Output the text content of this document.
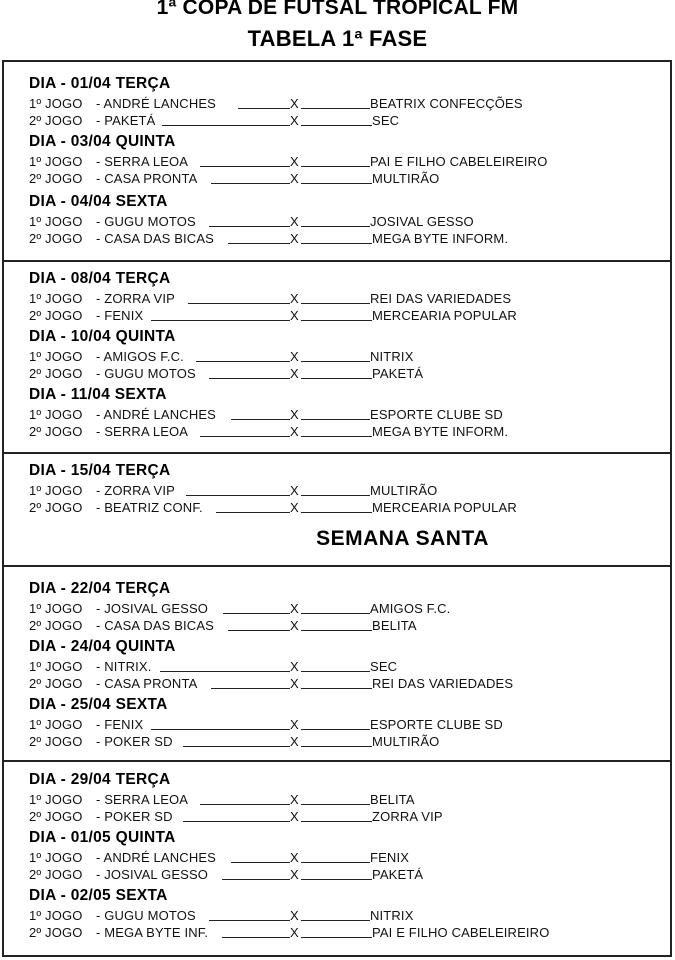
1ª COPA DE FUTSAL TROPICAL FM
TABELA 1ª FASE
SEMANA SANTA
DIA - 01/04 TERÇA
1º JOGO - ANDRÉ LANCHES	X	BEATRIX CONFECÇÕES
2º JOGO - PAKETÁ	X	SEC
DIA - 03/04 QUINTA
1º JOGO - SERRA LEOA	X	PAI E FILHO CABELEIREIRO
2º JOGO - CASA PRONTA	X	MULTIRÃO
DIA - 04/04 SEXTA
1º JOGO - GUGU MOTOS	X	JOSIVAL GESSO
2º JOGO - CASA DAS BICAS	X	MEGA BYTE INFORM.
DIA - 08/04 TERÇA
1º JOGO - ZORRA VIP	X	REI DAS VARIEDADES
2º JOGO - FENIX	X	MERCEARIA POPULAR
DIA - 10/04 QUINTA
1º JOGO - AMIGOS F.C.	X	NITRIX
2º JOGO - GUGU MOTOS	X	PAKETÁ
DIA - 11/04 SEXTA
1º JOGO - ANDRÉ LANCHES	X	ESPORTE CLUBE SD
2º JOGO - SERRA LEOA	X	MEGA BYTE INFORM.
DIA - 15/04 TERÇA
1º JOGO - ZORRA VIP	X	MULTIRÃO
2º JOGO - BEATRIZ CONF.	X	MERCEARIA POPULAR
DIA - 22/04 TERÇA
1º JOGO - JOSIVAL GESSO	X	AMIGOS F.C.
2º JOGO - CASA DAS BICAS	X	BELITA
DIA - 24/04 QUINTA
1º JOGO - NITRIX.	X	SEC
2º JOGO - CASA PRONTA	X	REI DAS VARIEDADES
DIA - 25/04 SEXTA
1º JOGO - FENIX	X	ESPORTE CLUBE SD
2º JOGO - POKER SD	X	MULTIRÃO
DIA - 29/04 TERÇA
1º JOGO - SERRA LEOA	X	BELITA
2º JOGO - POKER SD	X	ZORRA VIP
DIA - 01/05 QUINTA
1º JOGO - ANDRÉ LANCHES	X	FENIX
2º JOGO - JOSIVAL GESSO	X	PAKETÁ
DIA - 02/05 SEXTA
1º JOGO - GUGU MOTOS	X	NITRIX
2º JOGO - MEGA BYTE INF.	X	PAI E FILHO CABELEIREIRO
